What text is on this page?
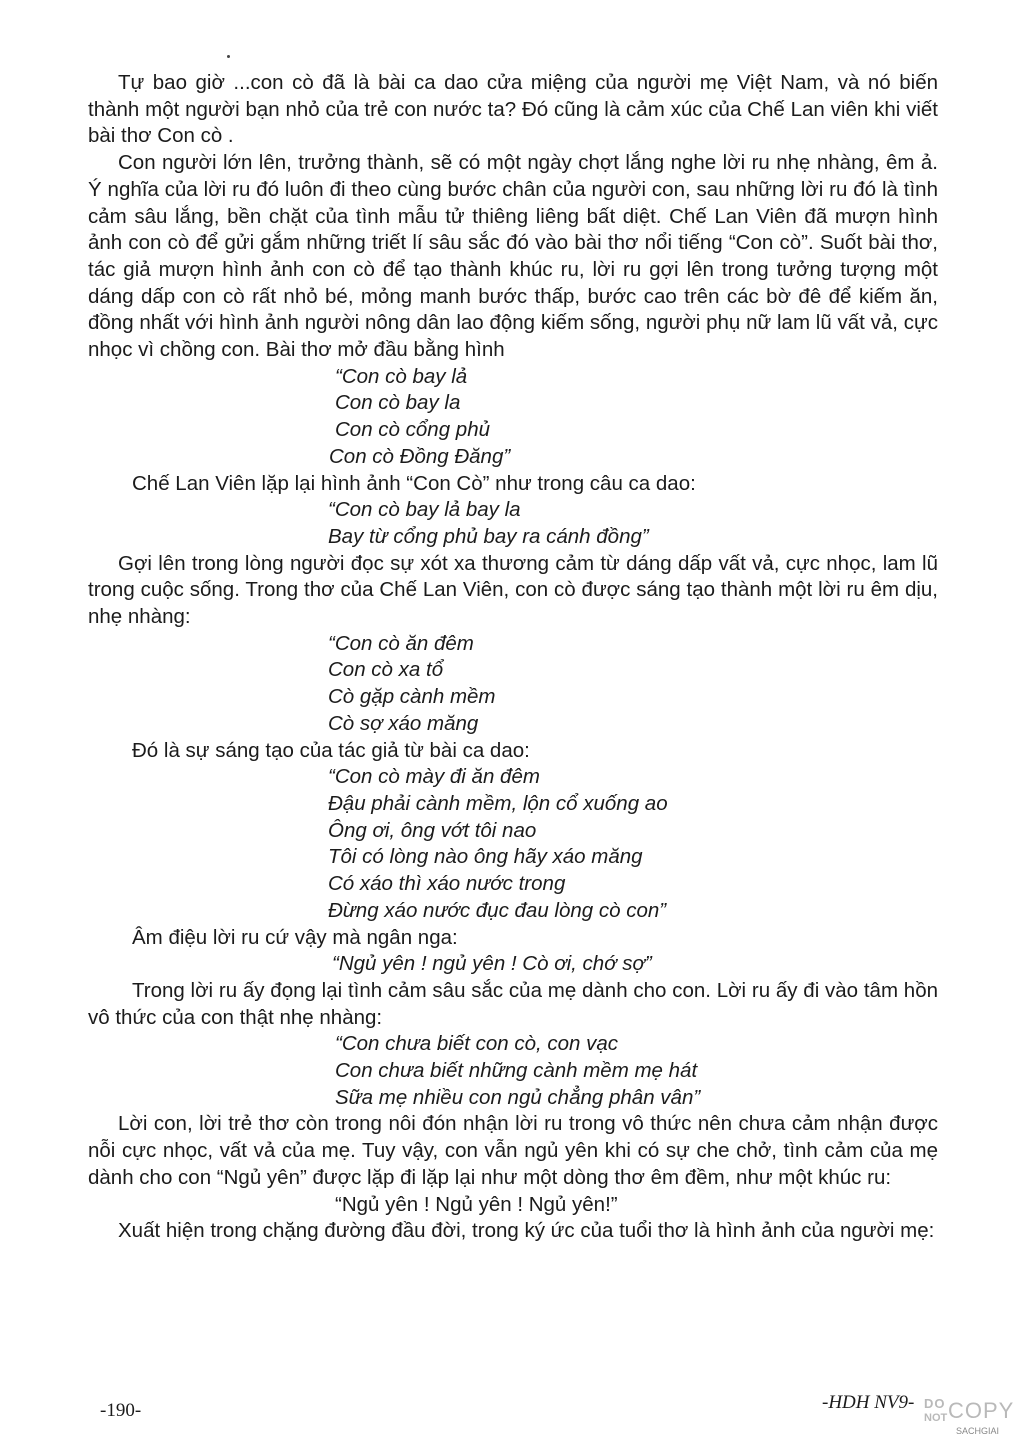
Tự bao giờ ...con cò đã là bài ca dao cửa miệng của người mẹ Việt Nam, và nó biến thành một người bạn nhỏ của trẻ con nước ta? Đó cũng là cảm xúc của Chế Lan viên khi viết bài thơ Con cò .

Con người lớn lên, trưởng thành, sẽ có một ngày chợt lắng nghe lời ru nhẹ nhàng, êm ả. Ý nghĩa của lời ru đó luôn đi theo cùng bước chân của người con, sau những lời ru đó là tình cảm sâu lắng, bền chặt của tình mẫu tử thiêng liêng bất diệt. Chế Lan Viên đã mượn hình ảnh con cò để gửi gắm những triết lí sâu sắc đó vào bài thơ nổi tiếng “Con cò”. Suốt bài thơ, tác giả mượn hình ảnh con cò để tạo thành khúc ru, lời ru gợi lên trong tưởng tượng một dáng dấp con cò rất nhỏ bé, mỏng manh bước thấp, bước cao trên các bờ đê để kiếm ăn, đồng nhất với hình ảnh người nông dân lao động kiếm sống, người phụ nữ lam lũ vất vả, cực nhọc vì chồng con. Bài thơ mở đầu bằng hình

“Con cò bay lả
Con cò bay la
Con cò cổng phủ
Con cò Đồng Đăng”

Chế Lan Viên lặp lại hình ảnh “Con Cò” như trong câu ca dao:

“Con cò bay lả bay la
Bay từ cổng phủ bay ra cánh đồng”

Gợi lên trong lòng người đọc sự xót xa thương cảm từ dáng dấp vất vả, cực nhọc, lam lũ trong cuộc sống. Trong thơ của Chế Lan Viên, con cò được sáng tạo thành một lời ru êm dịu, nhẹ nhàng:

“Con cò ăn đêm
Con cò xa tổ
Cò gặp cành mềm
Cò sợ xáo măng

Đó là sự sáng tạo của tác giả từ bài ca dao:

“Con cò mày đi ăn đêm
Đậu phải cành mềm, lộn cổ xuống ao
Ông ơi, ông vớt tôi nao
Tôi có lòng nào ông hãy xáo măng
Có xáo thì xáo nước trong
Đừng xáo nước đục đau lòng cò con”

Âm điệu lời ru cứ vậy mà ngân nga:

“Ngủ yên ! ngủ yên ! Cò ơi, chớ sợ”

Trong lời ru ấy đọng lại tình cảm sâu sắc của mẹ dành cho con. Lời ru ấy đi vào tâm hồn vô thức của con thật nhẹ nhàng:

“Con chưa biết con cò, con vạc
Con chưa biết những cành mềm mẹ hát
Sữa mẹ nhiều con ngủ chẳng phân vân”

Lời con, lời trẻ thơ còn trong nôi đón nhận lời ru trong vô thức nên chưa cảm nhận được nỗi cực nhọc, vất vả của mẹ. Tuy vậy, con vẫn ngủ yên khi có sự che chở, tình cảm của mẹ dành cho con “Ngủ yên” được lặp đi lặp lại như một dòng thơ êm đềm, như một khúc ru:

“Ngủ yên ! Ngủ yên ! Ngủ yên!”

Xuất hiện trong chặng đường đầu đời, trong ký ức của tuổi thơ là hình ảnh của người mẹ:

-190-	-HDH NV9- DO
NOT COPY
SACHGIAI
